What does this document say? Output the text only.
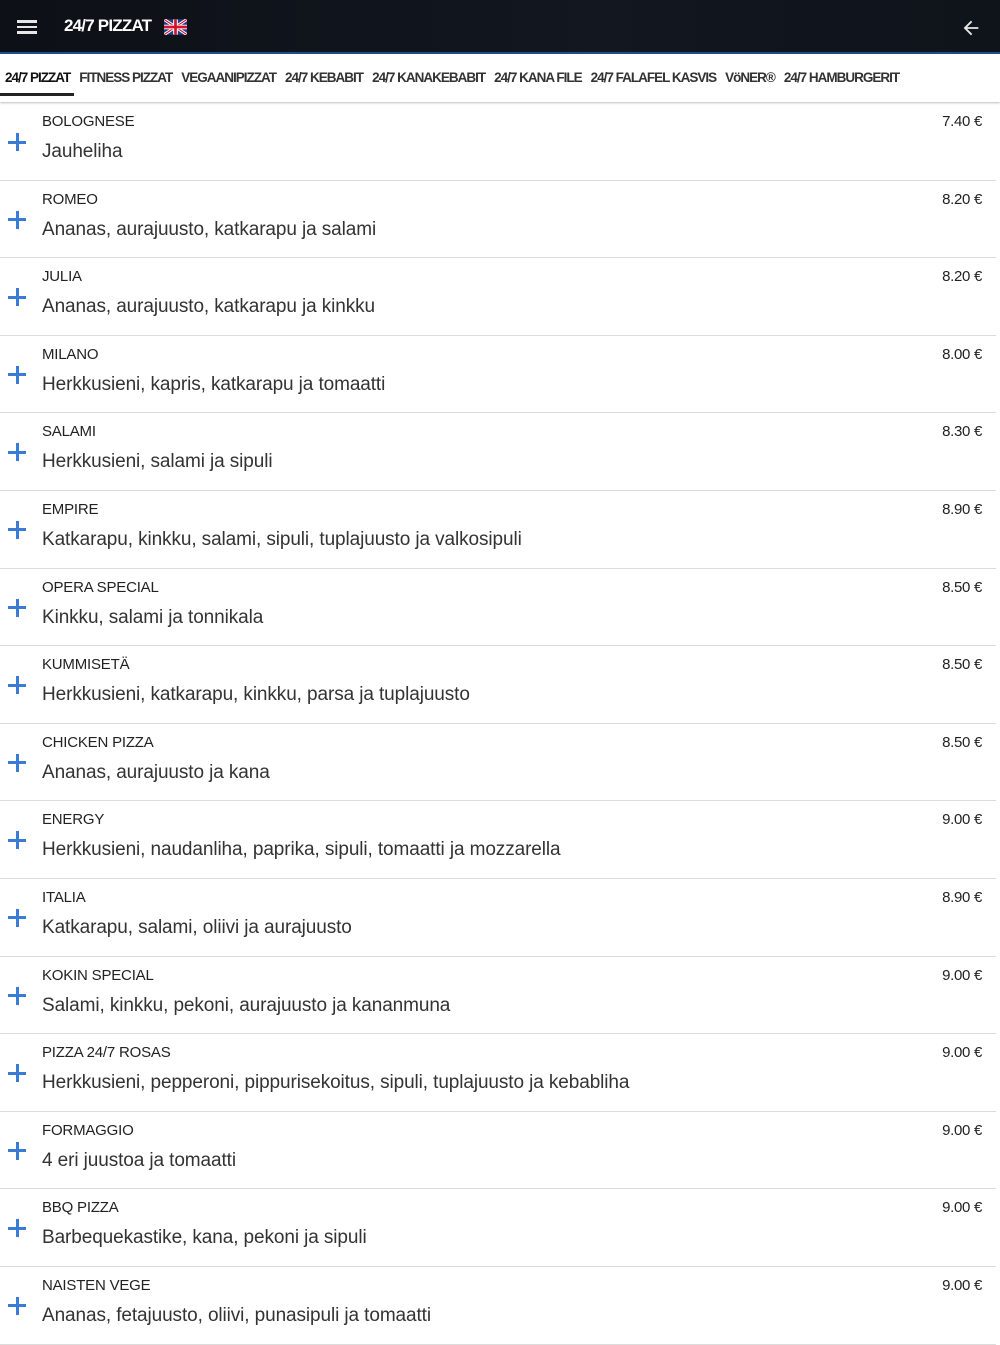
24/7 PIZZAT
24/7 PIZZAT FITNESS PIZZAT VEGAANIPIZZAT 24/7 KEBABIT 24/7 KANAKEBABIT 24/7 KANA FILE 24/7 FALAFEL KASVIS VöNER® 24/7 HAMBURGERIT
BOLOGNESE
Jauheliha
7.40 €
ROMEO
Ananas, aurajuusto, katkarapu ja salami
8.20 €
JULIA
Ananas, aurajuusto, katkarapu ja kinkku
8.20 €
MILANO
Herkkusieni, kapris, katkarapu ja tomaatti
8.00 €
SALAMI
Herkkusieni, salami ja sipuli
8.30 €
EMPIRE
Katkarapu, kinkku, salami, sipuli, tuplajuusto ja valkosipuli
8.90 €
OPERA SPECIAL
Kinkku, salami ja tonnikala
8.50 €
KUMMISETÄ
Herkkusieni, katkarapu, kinkku, parsa ja tuplajuusto
8.50 €
CHICKEN PIZZA
Ananas, aurajuusto ja kana
8.50 €
ENERGY
Herkkusieni, naudanliha, paprika, sipuli, tomaatti ja mozzarella
9.00 €
ITALIA
Katkarapu, salami, oliivi ja aurajuusto
8.90 €
KOKIN SPECIAL
Salami, kinkku, pekoni, aurajuusto ja kananmuna
9.00 €
PIZZA 24/7 ROSAS
Herkkusieni, pepperoni, pippurisekoitus, sipuli, tuplajuusto ja kebabliha
9.00 €
FORMAGGIO
4 eri juustoa ja tomaatti
9.00 €
BBQ PIZZA
Barbequekastike, kana, pekoni ja sipuli
9.00 €
NAISTEN VEGE
Ananas, fetajuusto, oliivi, punasipuli ja tomaatti
9.00 €
